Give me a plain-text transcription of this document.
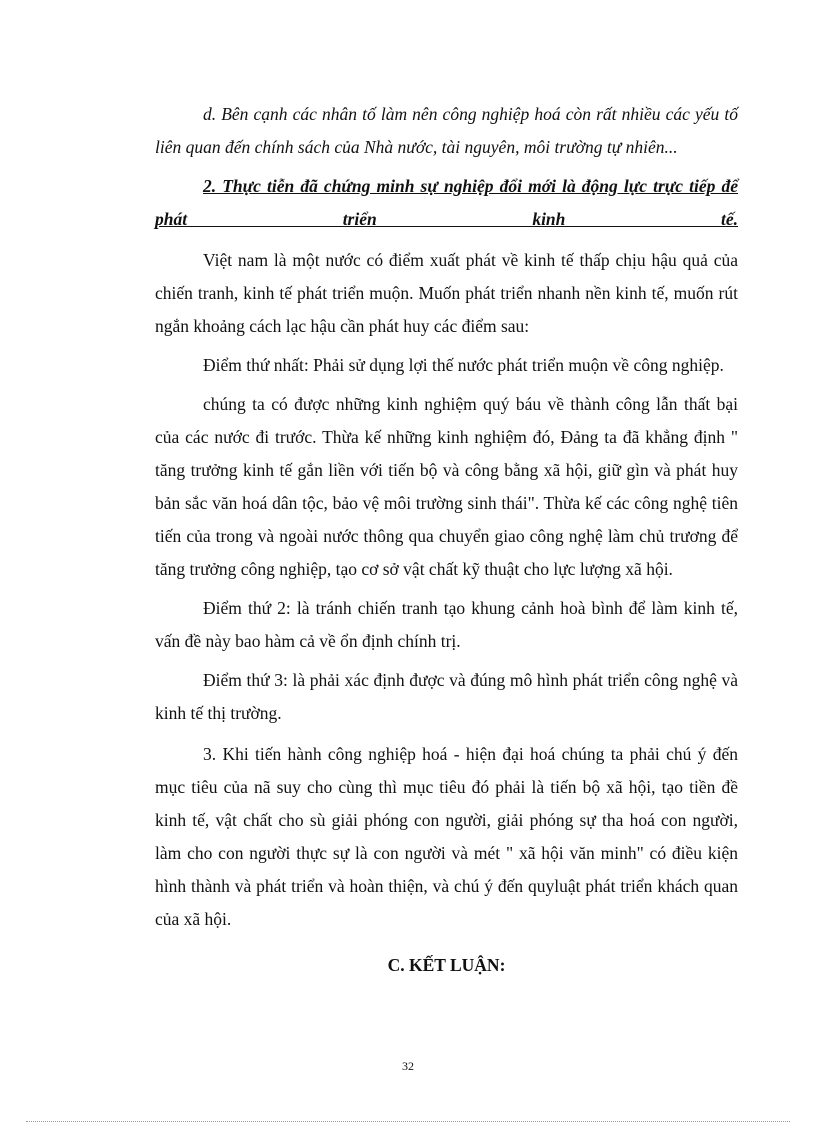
d. Bên cạnh các nhân tố làm nên công nghiệp hoá còn rất nhiều các yếu tố liên quan đến chính sách của Nhà nước, tài nguyên, môi trường tự nhiên...

2. Thực tiễn đã chứng minh sự nghiệp đổi mới là động lực trực tiếp để phát triển kinh tế.

Việt nam là một nước có điểm xuất phát về kinh tế thấp chịu hậu quả của chiến tranh, kinh tế phát triển muộn. Muốn phát triển nhanh nền kinh tế, muốn rút ngắn khoảng cách lạc hậu cần phát huy các điểm sau:

Điểm thứ nhất: Phải sử dụng lợi thế nước phát triển muộn về công nghiệp.

chúng ta có được những kinh nghiệm quý báu về thành công lẫn thất bại của các nước đi trước. Thừa kế những kinh nghiệm đó, Đảng ta đã khẳng định " tăng trưởng kinh tế gắn liền với tiến bộ và công bằng xã hội, giữ gìn và phát huy bản sắc văn hoá dân tộc, bảo vệ môi trường sinh thái". Thừa kế các công nghệ tiên tiến của trong và ngoài nước thông qua chuyển giao công nghệ làm chủ trương để tăng trưởng công nghiệp, tạo cơ sở vật chất kỹ thuật cho lực lượng xã hội.

Điểm thứ 2: là tránh chiến tranh tạo khung cảnh hoà bình để làm kinh tế, vấn đề này bao hàm cả về ổn định chính trị.

Điểm thứ 3: là phải xác định được và đúng mô hình phát triển công nghệ và kinh tế thị trường.

3. Khi tiến hành công nghiệp hoá - hiện đại hoá chúng ta phải chú ý đến mục tiêu của nã suy cho cùng thì mục tiêu đó phải là tiến bộ xã hội, tạo tiền đề kinh tế, vật chất cho sù giải phóng con người, giải phóng sự tha hoá con người, làm cho con người thực sự là con người và mét " xã hội văn minh" có điều kiện hình thành và phát triển và hoàn thiện, và chú ý đến quyluật phát triển khách quan của xã hội.

C. KẾT LUẬN:

32
